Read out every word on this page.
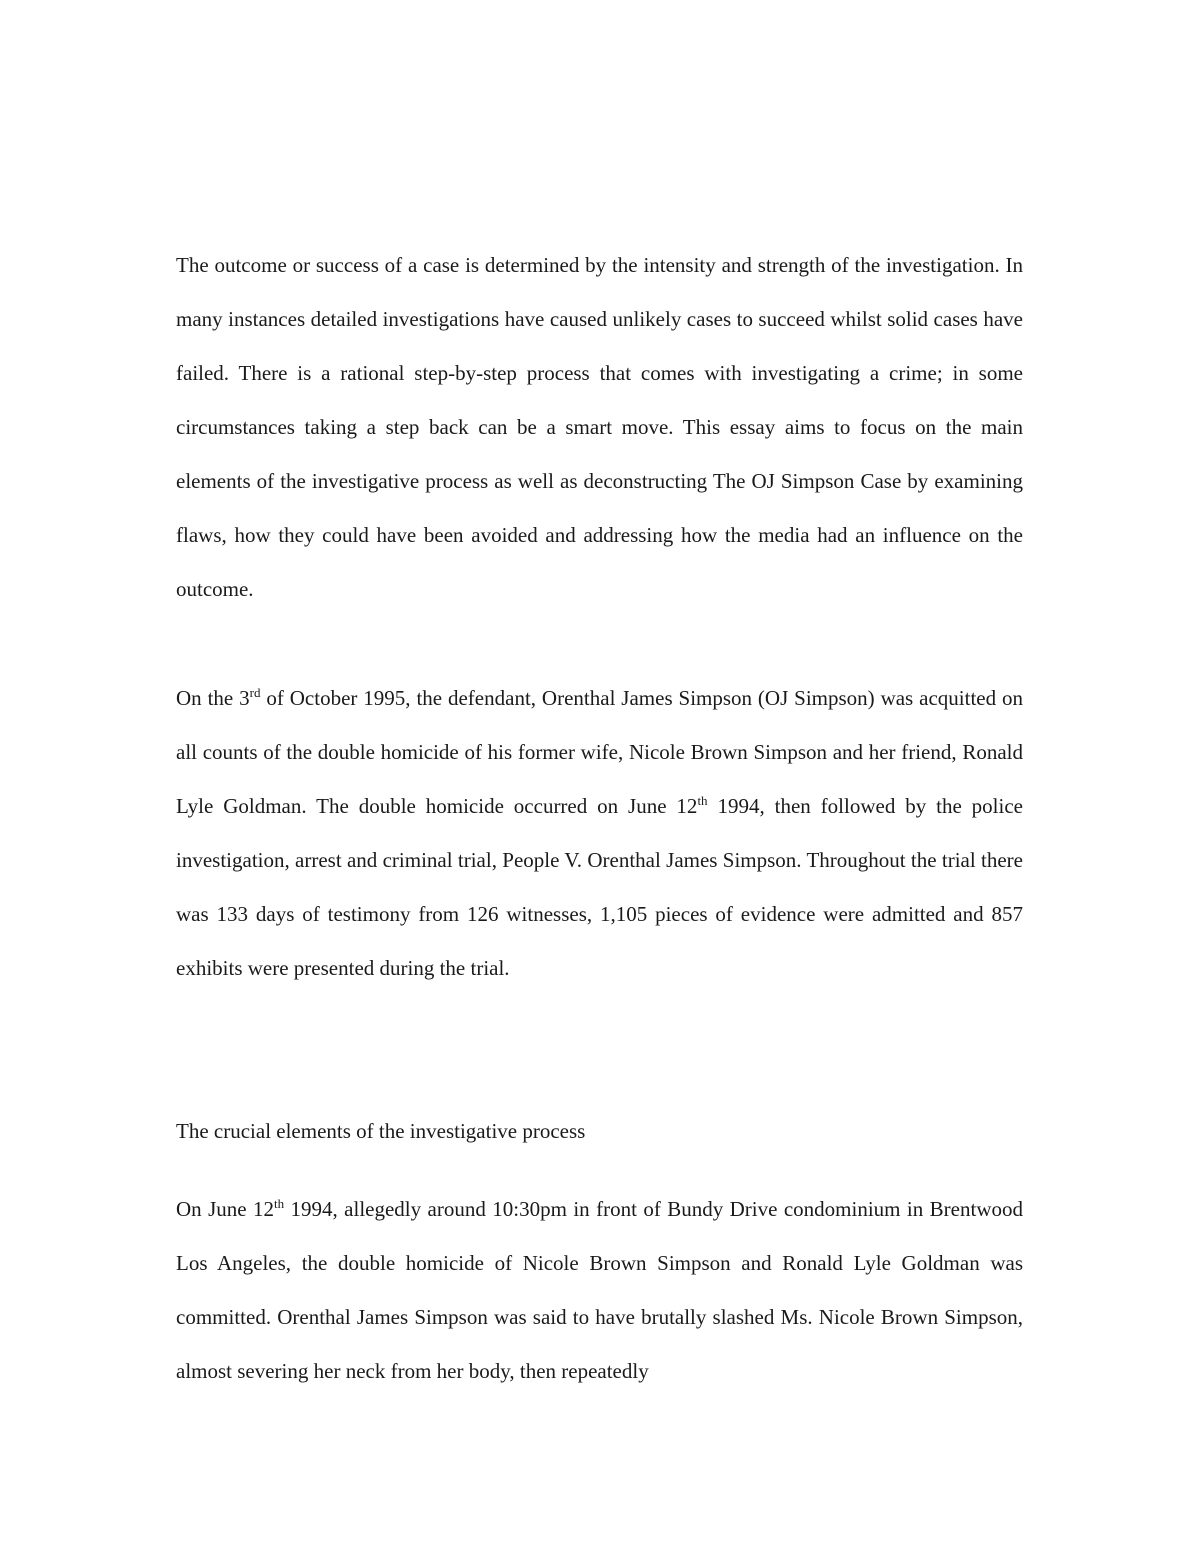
The outcome or success of a case is determined by the intensity and strength of the investigation. In many instances detailed investigations have caused unlikely cases to succeed whilst solid cases have failed. There is a rational step-by-step process that comes with investigating a crime; in some circumstances taking a step back can be a smart move. This essay aims to focus on the main elements of the investigative process as well as deconstructing The OJ Simpson Case by examining flaws, how they could have been avoided and addressing how the media had an influence on the outcome.

On the 3rd of October 1995, the defendant, Orenthal James Simpson (OJ Simpson) was acquitted on all counts of the double homicide of his former wife, Nicole Brown Simpson and her friend, Ronald Lyle Goldman. The double homicide occurred on June 12th 1994, then followed by the police investigation, arrest and criminal trial, People V. Orenthal James Simpson. Throughout the trial there was 133 days of testimony from 126 witnesses, 1,105 pieces of evidence were admitted and 857 exhibits were presented during the trial.

The crucial elements of the investigative process

On June 12th 1994, allegedly around 10:30pm in front of Bundy Drive condominium in Brentwood Los Angeles, the double homicide of Nicole Brown Simpson and Ronald Lyle Goldman was committed. Orenthal James Simpson was said to have brutally slashed Ms. Nicole Brown Simpson, almost severing her neck from her body, then repeatedly
